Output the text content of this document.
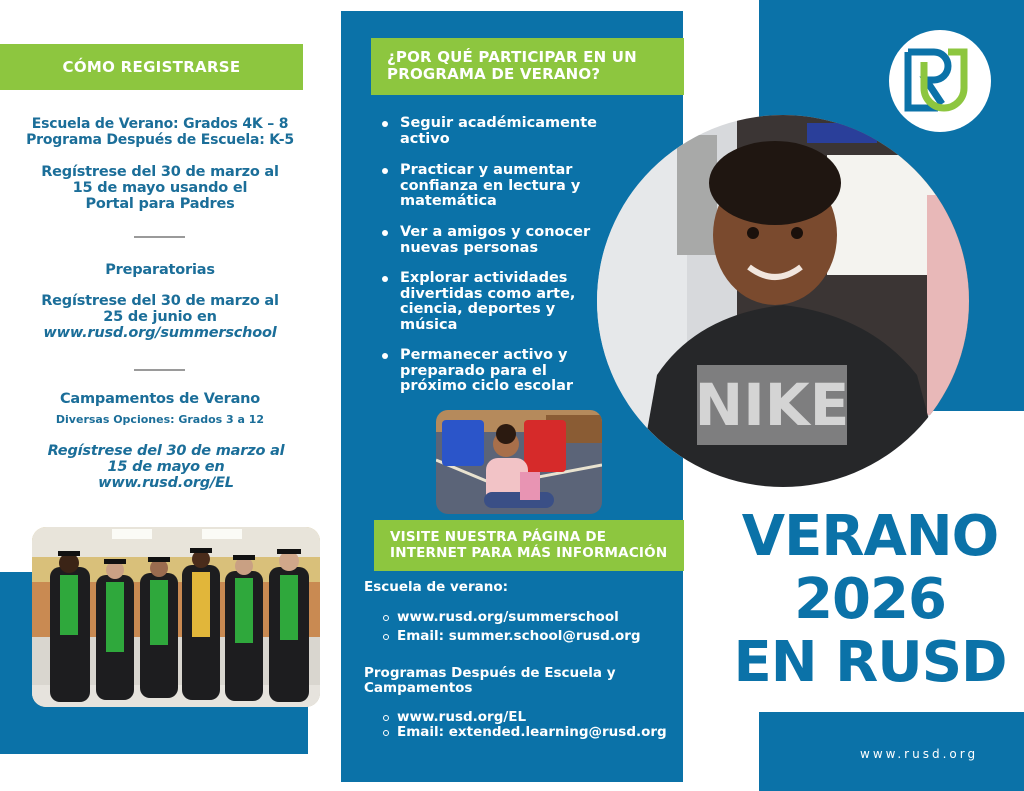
CÓMO REGISTRARSE
Escuela de Verano: Grados 4K – 8
Programa Después de Escuela: K-5
Regístrese del 30 de marzo al
15 de mayo usando el
Portal para Padres
Preparatorias
Regístrese del 30 de marzo al
25 de junio en
www.rusd.org/summerschool
Campamentos de Verano
Diversas Opciones: Grados 3 a 12
Regístrese del 30 de marzo al
15 de mayo en
www.rusd.org/EL
¿POR QUÉ PARTICIPAR EN UN
PROGRAMA DE VERANO?
Seguir académicamente
activo
Practicar y aumentar
confianza en lectura y
matemática
Ver a amigos y conocer
nuevas personas
Explorar actividades
divertidas como arte,
ciencia, deportes y
música
Permanecer activo y
preparado para el
próximo ciclo escolar
VISITE NUESTRA PÁGINA DE
INTERNET PARA MÁS INFORMACIÓN
Escuela de verano:
www.rusd.org/summerschool
Email: summer.school@rusd.org
Programas Después de Escuela y
Campamentos
www.rusd.org/EL
Email: extended.learning@rusd.org
NIKE
VERANO
2026
EN RUSD
www.rusd.org
